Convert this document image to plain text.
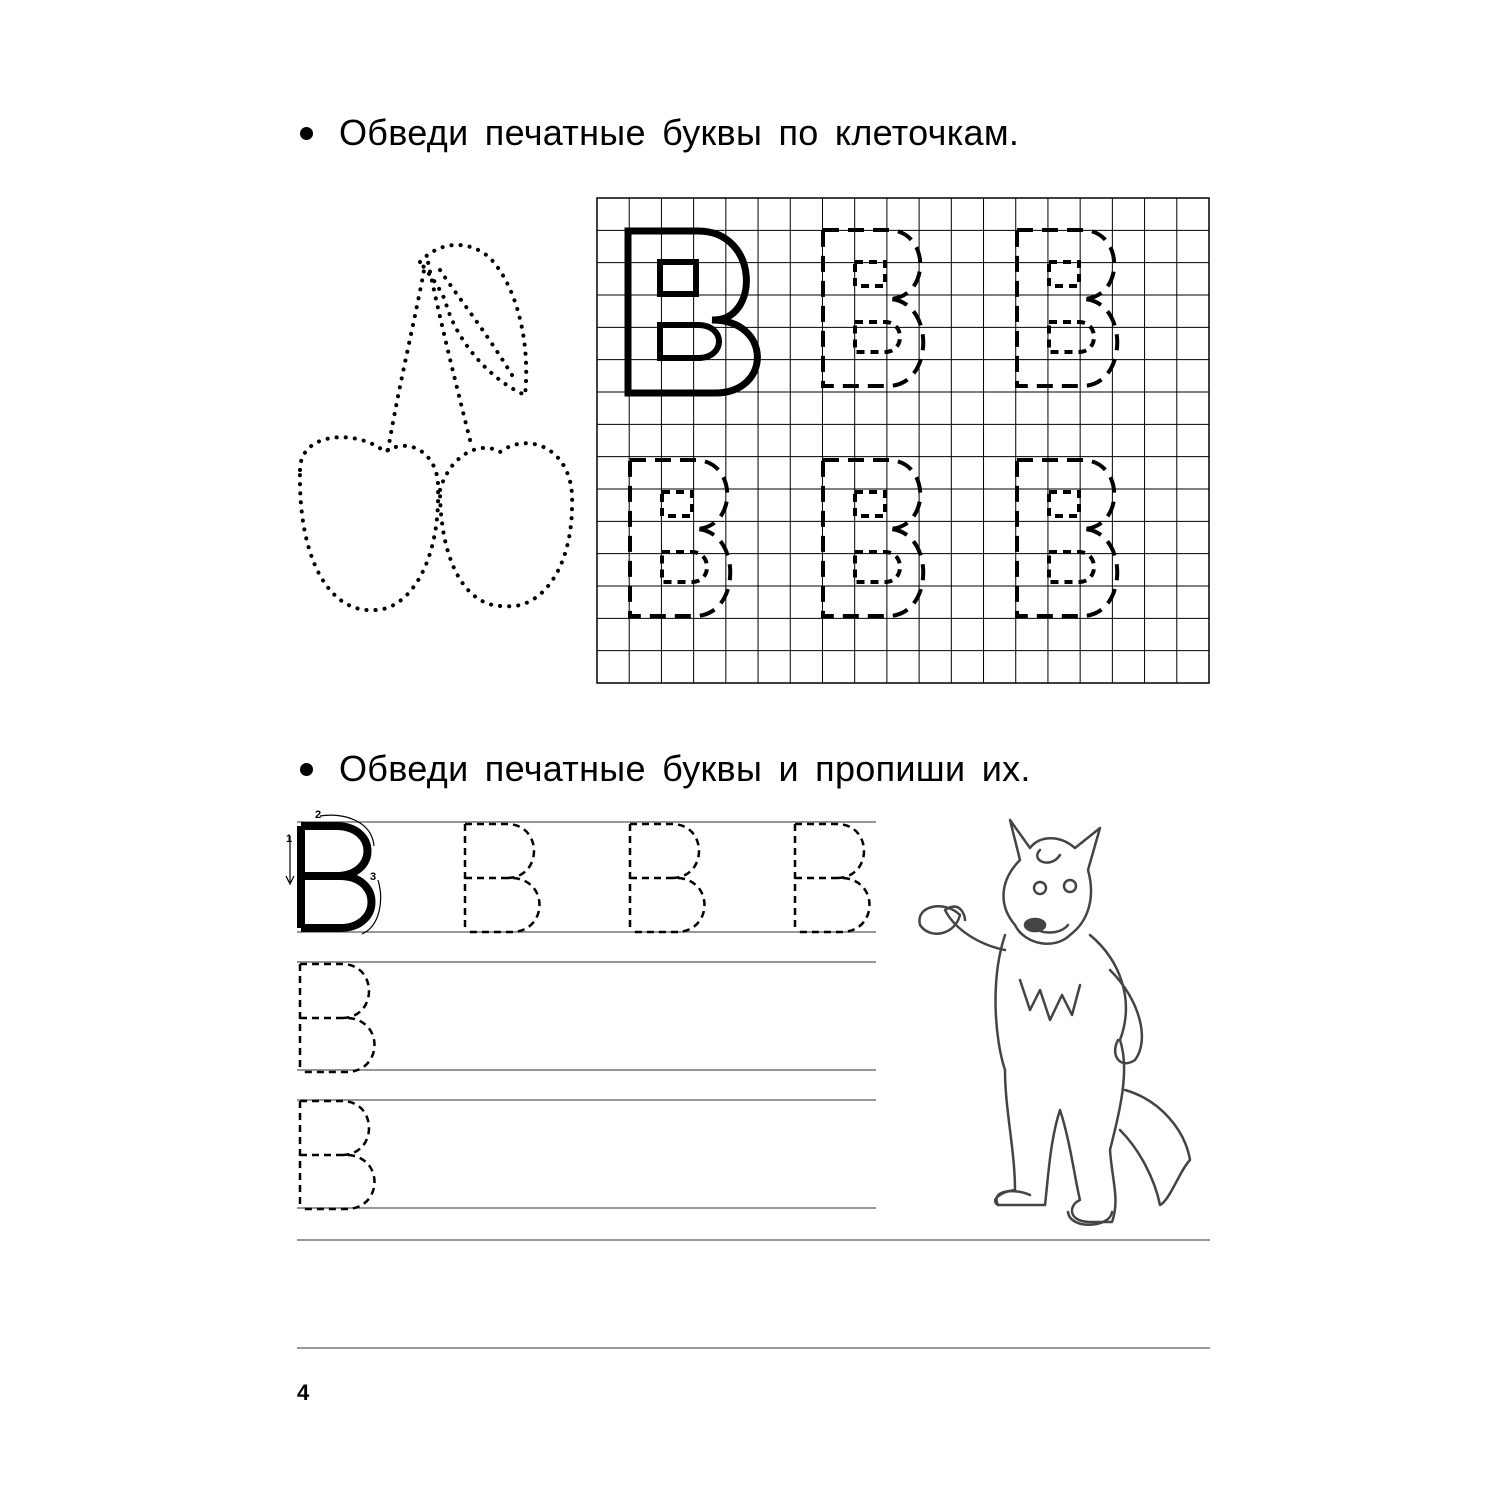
Обведи печатные буквы по клеточкам.
Обведи печатные буквы и пропиши их.
1
2
3
4
